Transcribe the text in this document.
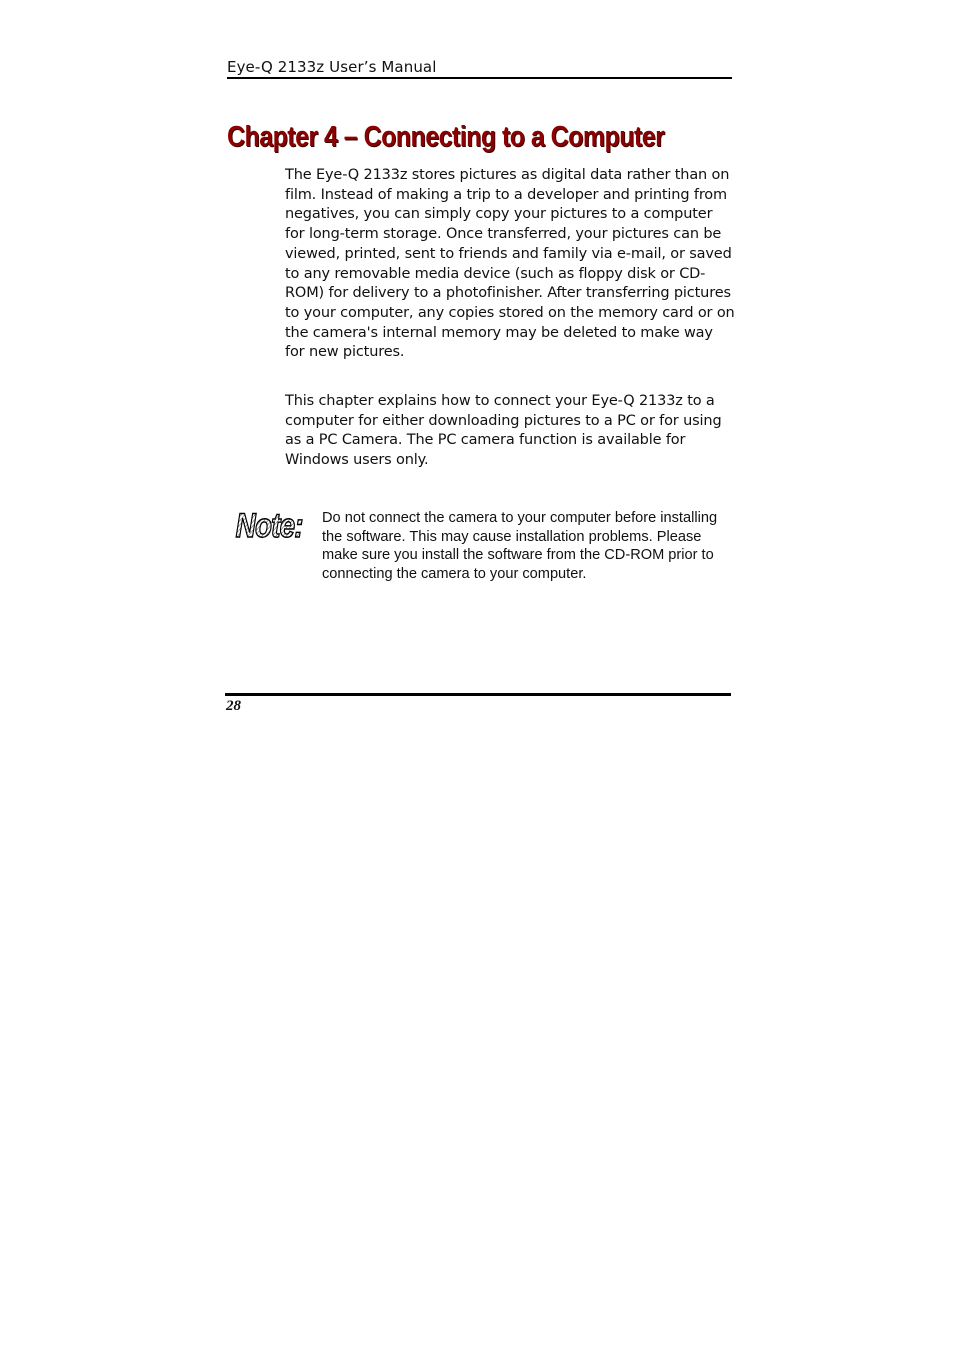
Eye-Q 2133z User’s Manual
Chapter 4 – Connecting to a Computer

The Eye-Q 2133z stores pictures as digital data rather than on film. Instead of making a trip to a developer and printing from negatives, you can simply copy your pictures to a computer for long-term storage. Once transferred, your pictures can be viewed, printed, sent to friends and family via e-mail, or saved to any removable media device (such as floppy disk or CD-ROM) for delivery to a photofinisher. After transferring pictures to your computer, any copies stored on the memory card or on the camera's internal memory may be deleted to make way for new pictures.

This chapter explains how to connect your Eye-Q 2133z to a computer for either downloading pictures to a PC or for using as a PC Camera. The PC camera function is available for Windows users only.

Note: Do not connect the camera to your computer before installing the software. This may cause installation problems. Please make sure you install the software from the CD-ROM prior to connecting the camera to your computer.

28
